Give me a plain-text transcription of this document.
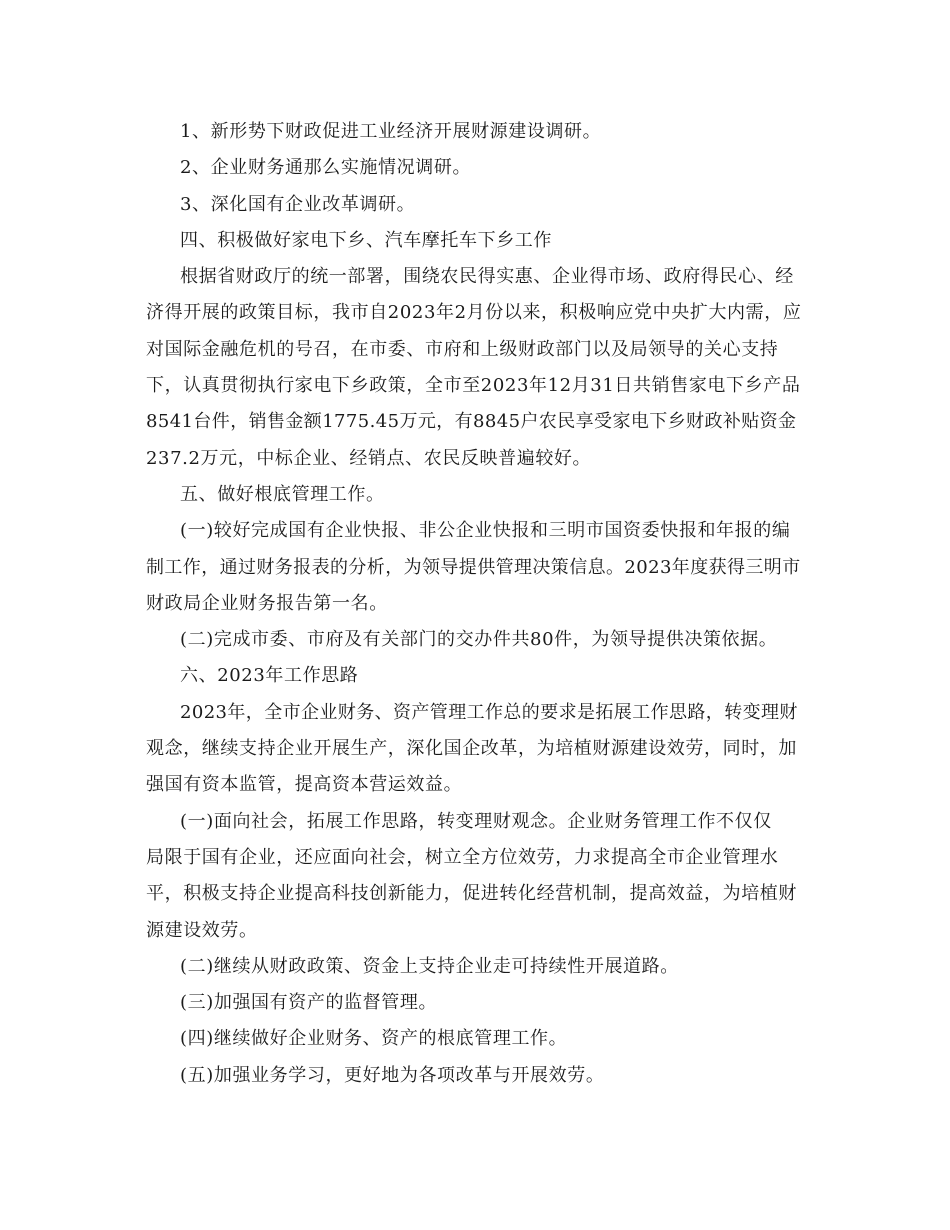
1、新形势下财政促进工业经济开展财源建设调研。

2、企业财务通那么实施情况调研。

3、深化国有企业改革调研。

四、积极做好家电下乡、汽车摩托车下乡工作

根据省财政厅的统一部署，围绕农民得实惠、企业得市场、政府得民心、经

济得开展的政策目标，我市自2023年2月份以来，积极响应党中央扩大内需，应

对国际金融危机的号召，在市委、市府和上级财政部门以及局领导的关心支持

下，认真贯彻执行家电下乡政策，全市至2023年12月31日共销售家电下乡产品

8541台件，销售金额1775.45万元，有8845户农民享受家电下乡财政补贴资金

237.2万元，中标企业、经销点、农民反映普遍较好。

五、做好根底管理工作。

(一)较好完成国有企业快报、非公企业快报和三明市国资委快报和年报的编

制工作，通过财务报表的分析，为领导提供管理决策信息。2023年度获得三明市

财政局企业财务报告第一名。

(二)完成市委、市府及有关部门的交办件共80件，为领导提供决策依据。

六、2023年工作思路

2023年，全市企业财务、资产管理工作总的要求是拓展工作思路，转变理财

观念，继续支持企业开展生产，深化国企改革，为培植财源建设效劳，同时，加

强国有资本监管，提高资本营运效益。

(一)面向社会，拓展工作思路，转变理财观念。企业财务管理工作不仅仅

局限于国有企业，还应面向社会，树立全方位效劳，力求提高全市企业管理水

平，积极支持企业提高科技创新能力，促进转化经营机制，提高效益，为培植财

源建设效劳。

(二)继续从财政政策、资金上支持企业走可持续性开展道路。

(三)加强国有资产的监督管理。

(四)继续做好企业财务、资产的根底管理工作。

(五)加强业务学习，更好地为各项改革与开展效劳。
